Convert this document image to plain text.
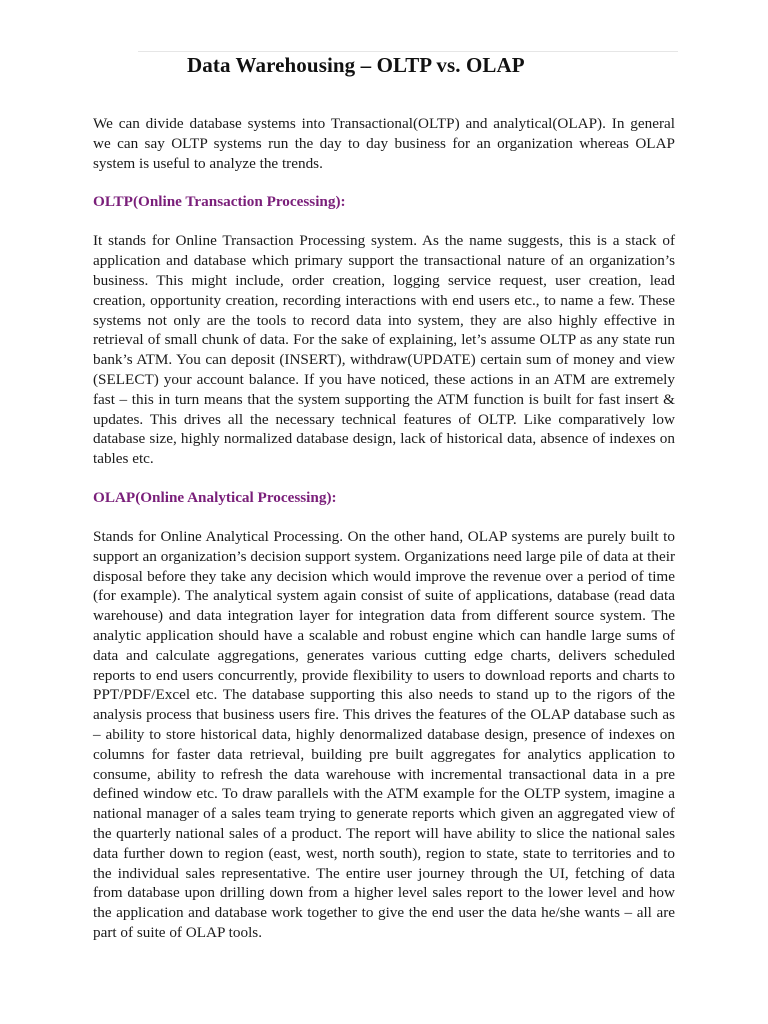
Data Warehousing – OLTP vs. OLAP

We can divide database systems into Transactional(OLTP) and analytical(OLAP). In general we can say OLTP systems run the day to day business for an organization whereas OLAP system is useful to analyze the trends.

OLTP(Online Transaction Processing):

It stands for Online Transaction Processing system. As the name suggests, this is a stack of application and database which primary support the transactional nature of an organization’s business. This might include, order creation, logging service request, user creation, lead creation, opportunity creation, recording interactions with end users etc., to name a few. These systems not only are the tools to record data into system, they are also highly effective in retrieval of small chunk of data. For the sake of explaining, let’s assume OLTP as any state run bank’s ATM. You can deposit (INSERT), withdraw(UPDATE) certain sum of money and view (SELECT) your account balance. If you have noticed, these actions in an ATM are extremely fast – this in turn means that the system supporting the ATM function is built for fast insert & updates. This drives all the necessary technical features of OLTP. Like comparatively low database size, highly normalized database design, lack of historical data, absence of indexes on tables etc.

OLAP(Online Analytical Processing):

Stands for Online Analytical Processing. On the other hand, OLAP systems are purely built to support an organization’s decision support system. Organizations need large pile of data at their disposal before they take any decision which would improve the revenue over a period of time (for example). The analytical system again consist of suite of applications, database (read data warehouse) and data integration layer for integration data from different source system. The analytic application should have a scalable and robust engine which can handle large sums of data and calculate aggregations, generates various cutting edge charts, delivers scheduled reports to end users concurrently, provide flexibility to users to download reports and charts to PPT/PDF/Excel etc. The database supporting this also needs to stand up to the rigors of the analysis process that business users fire. This drives the features of the OLAP database such as – ability to store historical data, highly denormalized database design, presence of indexes on columns for faster data retrieval, building pre built aggregates for analytics application to consume, ability to refresh the data warehouse with incremental transactional data in a pre defined window etc. To draw parallels with the ATM example for the OLTP system, imagine a national manager of a sales team trying to generate reports which given an aggregated view of the quarterly national sales of a product. The report will have ability to slice the national sales data further down to region (east, west, north south), region to state, state to territories and to the individual sales representative. The entire user journey through the UI, fetching of data from database upon drilling down from a higher level sales report to the lower level and how the application and database work together to give the end user the data he/she wants – all are part of suite of OLAP tools.
